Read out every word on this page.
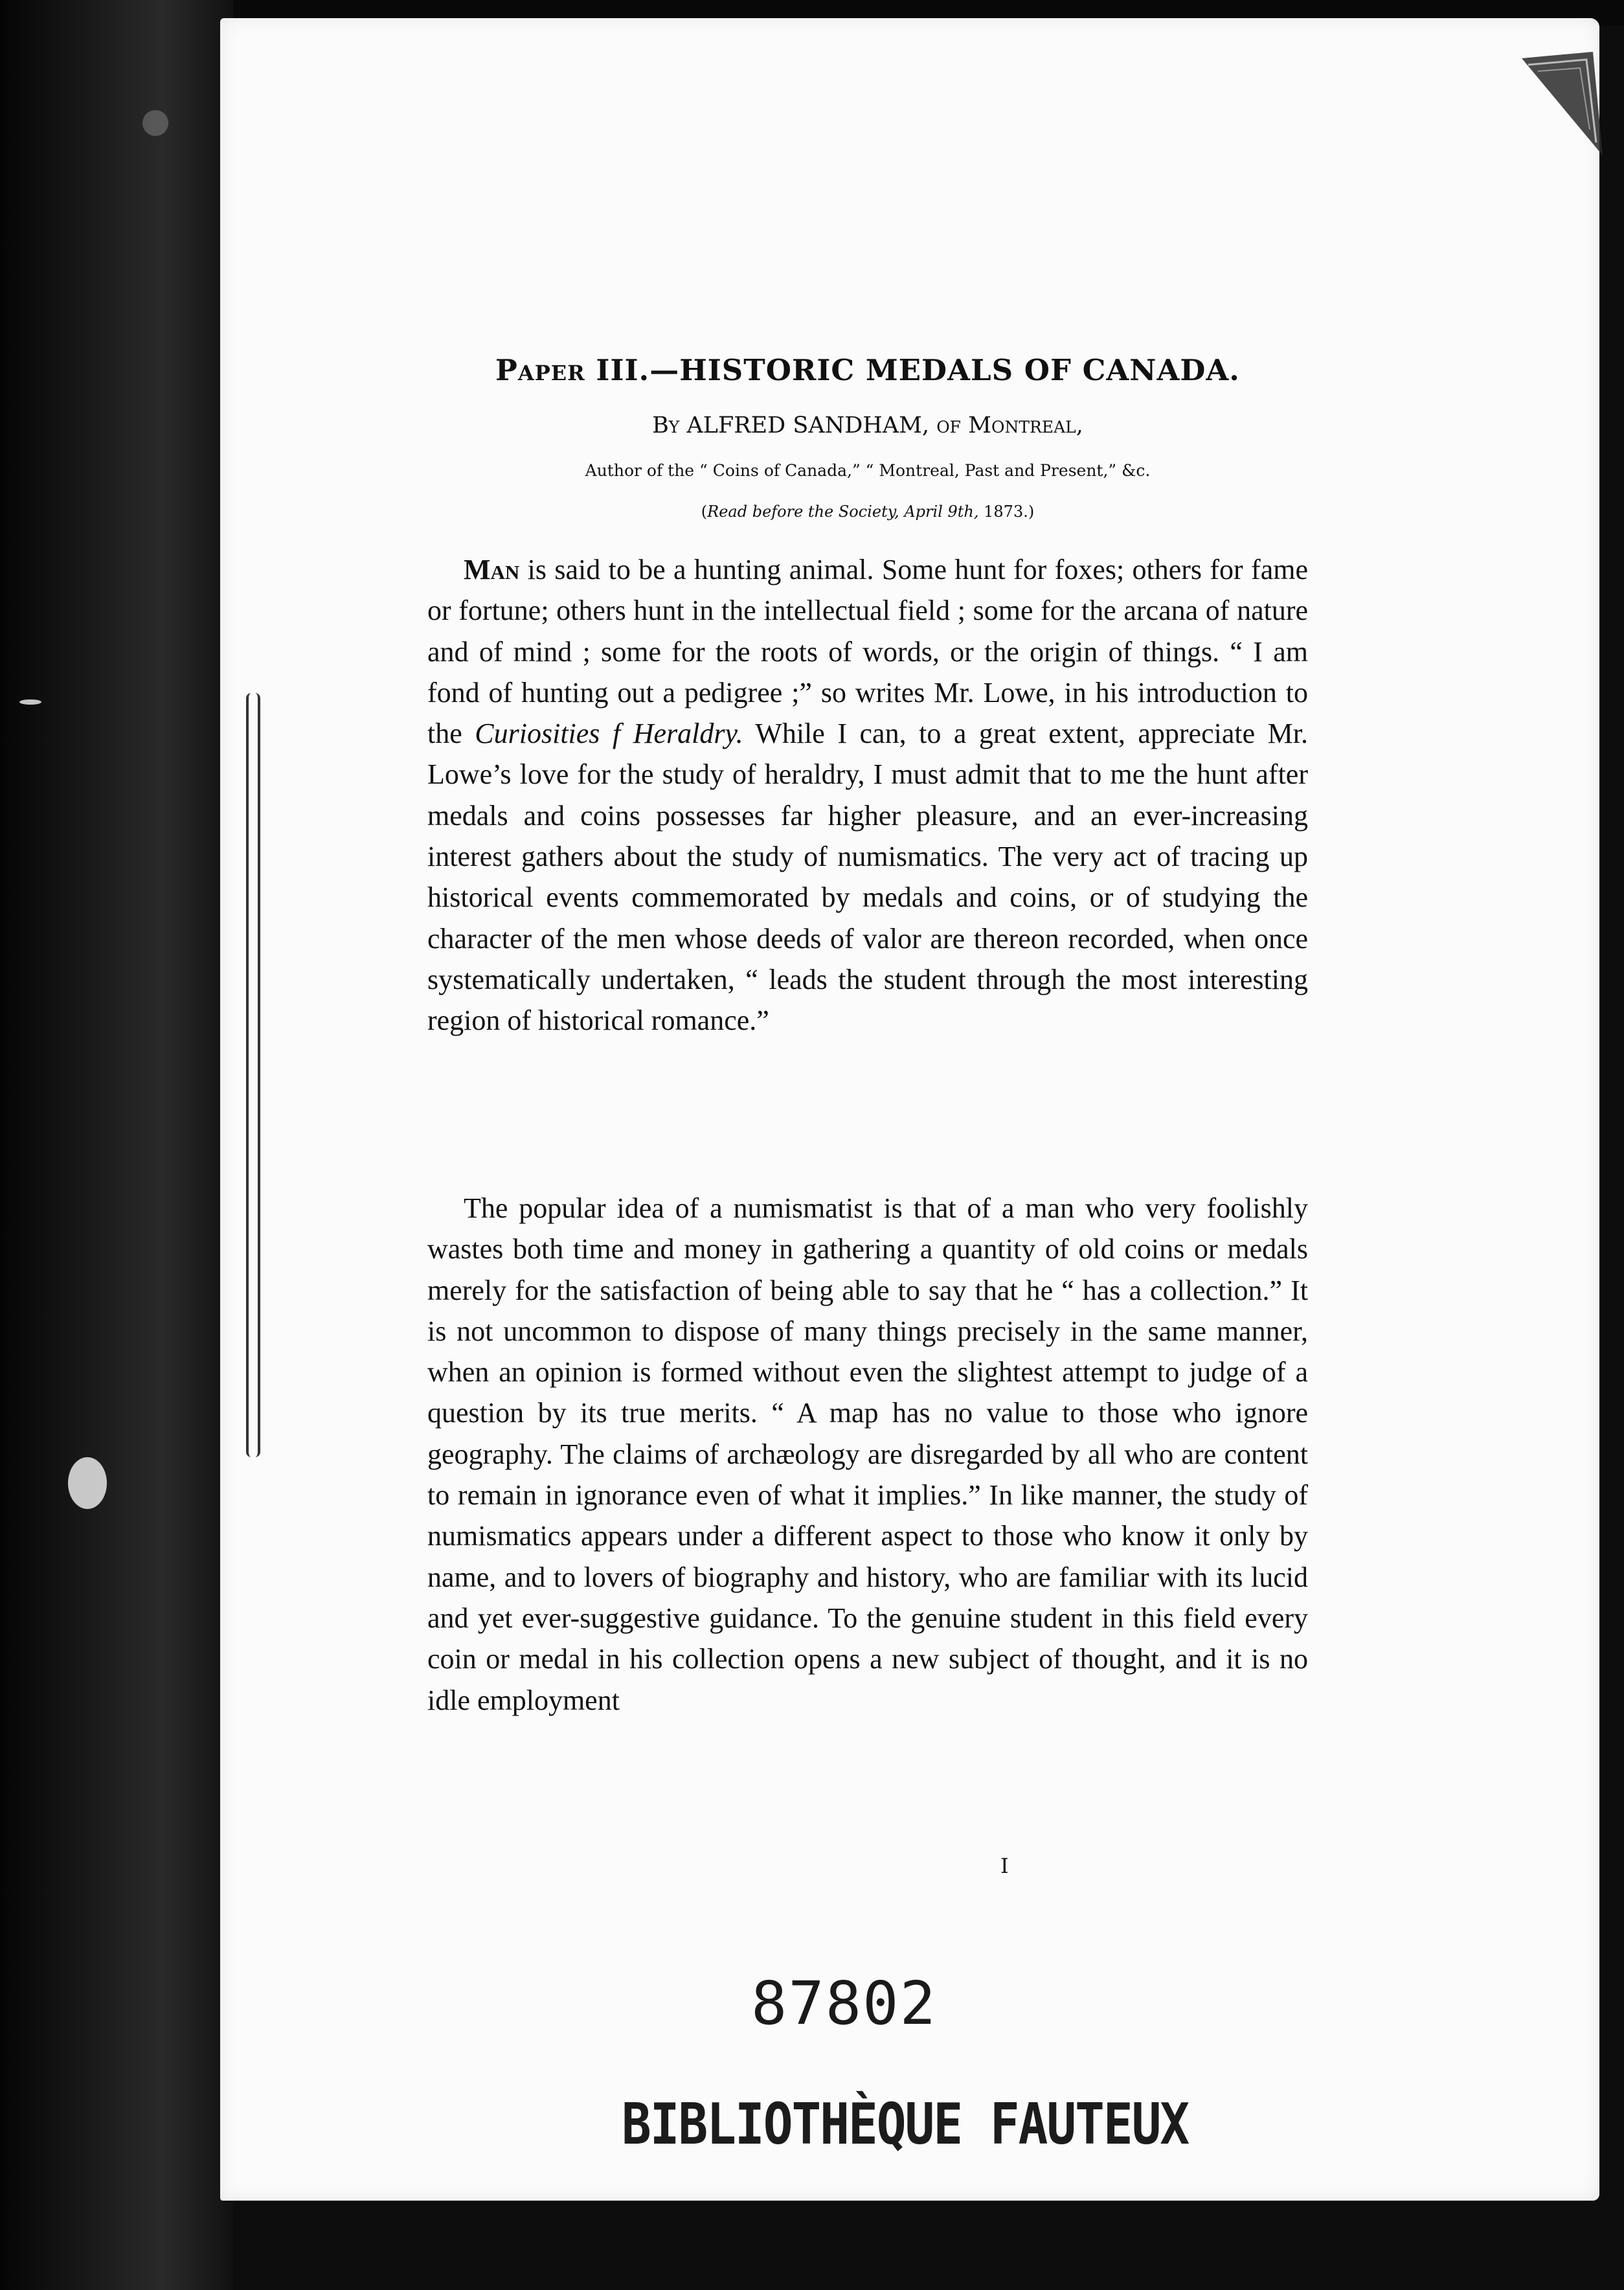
Paper III.—HISTORIC MEDALS OF CANADA.
By ALFRED SANDHAM, of Montreal,
Author of the “ Coins of Canada,” “ Montreal, Past and Present,” &c.
(Read before the Society, April 9th, 1873.)

Man is said to be a hunting animal. Some hunt for foxes; others for fame or fortune; others hunt in the intellectual field ; some for the arcana of nature and of mind ; some for the roots of words, or the origin of things. “ I am fond of hunting out a pedigree ;” so writes Mr. Lowe, in his introduction to the Curiosities f Heraldry. While I can, to a great extent, appreciate Mr. Lowe’s love for the study of heraldry, I must admit that to me the hunt after medals and coins possesses far higher pleasure, and an ever-increasing interest gathers about the study of numismatics. The very act of tracing up historical events commemorated by medals and coins, or of studying the character of the men whose deeds of valor are thereon recorded, when once systematically undertaken, “ leads the student through the most interesting region of historical romance.”

The popular idea of a numismatist is that of a man who very foolishly wastes both time and money in gathering a quantity of old coins or medals merely for the satisfaction of being able to say that he “ has a collection.” It is not uncommon to dispose of many things precisely in the same manner, when an opinion is formed without even the slightest attempt to judge of a question by its true merits. “ A map has no value to those who ignore geography. The claims of archæology are disregarded by all who are content to remain in ignorance even of what it implies.” In like manner, the study of numismatics appears under a different aspect to those who know it only by name, and to lovers of biography and history, who are familiar with its lucid and yet ever-suggestive guidance. To the genuine student in this field every coin or medal in his collection opens a new subject of thought, and it is no idle employment

I
87802
BIBLIOTHÈQUE FAUTEUX
